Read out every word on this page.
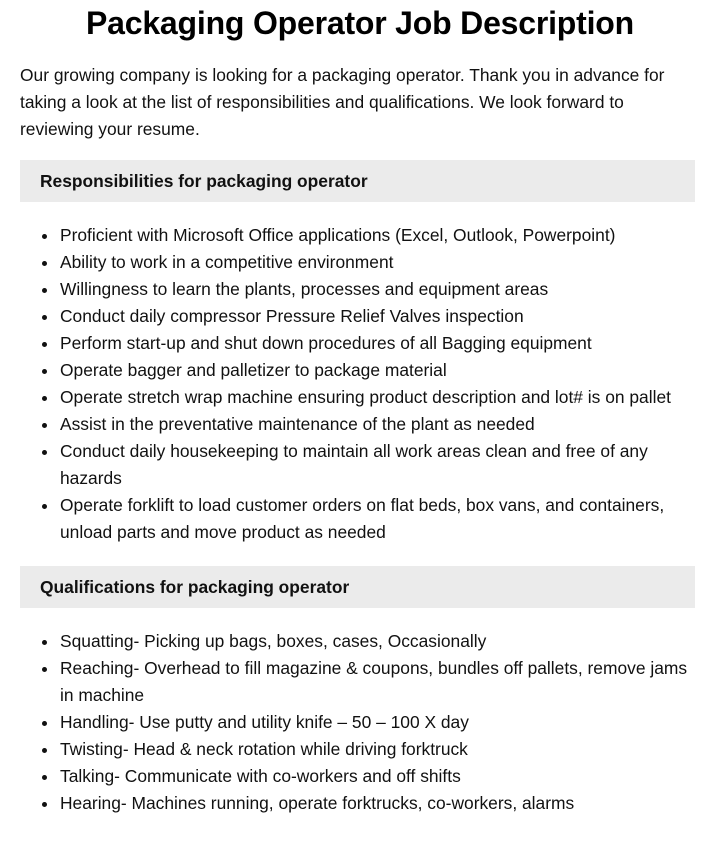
Packaging Operator Job Description

Our growing company is looking for a packaging operator. Thank you in advance for taking a look at the list of responsibilities and qualifications. We look forward to reviewing your resume.

Responsibilities for packaging operator
Proficient with Microsoft Office applications (Excel, Outlook, Powerpoint)
Ability to work in a competitive environment
Willingness to learn the plants, processes and equipment areas
Conduct daily compressor Pressure Relief Valves inspection
Perform start-up and shut down procedures of all Bagging equipment
Operate bagger and palletizer to package material
Operate stretch wrap machine ensuring product description and lot# is on pallet
Assist in the preventative maintenance of the plant as needed
Conduct daily housekeeping to maintain all work areas clean and free of any hazards
Operate forklift to load customer orders on flat beds, box vans, and containers, unload parts and move product as needed
Qualifications for packaging operator
Squatting- Picking up bags, boxes, cases, Occasionally
Reaching- Overhead to fill magazine & coupons, bundles off pallets, remove jams in machine
Handling- Use putty and utility knife – 50 – 100 X day
Twisting- Head & neck rotation while driving forktruck
Talking- Communicate with co-workers and off shifts
Hearing- Machines running, operate forktrucks, co-workers, alarms
